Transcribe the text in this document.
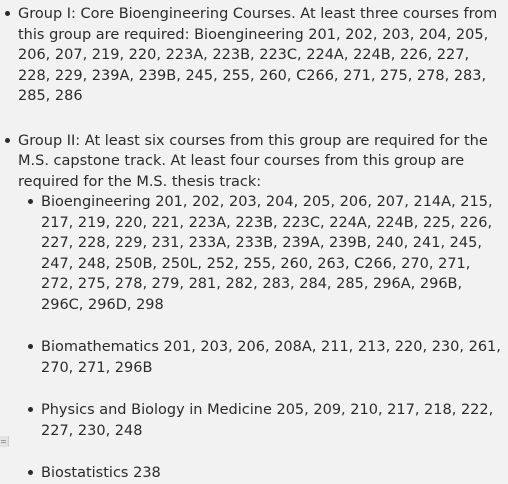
Group I: Core Bioengineering Courses. At least three courses from this group are required: Bioengineering 201, 202, 203, 204, 205, 206, 207, 219, 220, 223A, 223B, 223C, 224A, 224B, 226, 227, 228, 229, 239A, 239B, 245, 255, 260, C266, 271, 275, 278, 283, 285, 286
Group II: At least six courses from this group are required for the M.S. capstone track. At least four courses from this group are required for the M.S. thesis track:
Bioengineering 201, 202, 203, 204, 205, 206, 207, 214A, 215, 217, 219, 220, 221, 223A, 223B, 223C, 224A, 224B, 225, 226, 227, 228, 229, 231, 233A, 233B, 239A, 239B, 240, 241, 245, 247, 248, 250B, 250L, 252, 255, 260, 263, C266, 270, 271, 272, 275, 278, 279, 281, 282, 283, 284, 285, 296A, 296B, 296C, 296D, 298
Biomathematics 201, 203, 206, 208A, 211, 213, 220, 230, 261, 270, 271, 296B
Physics and Biology in Medicine 205, 209, 210, 217, 218, 222, 227, 230, 248
Biostatistics 238
